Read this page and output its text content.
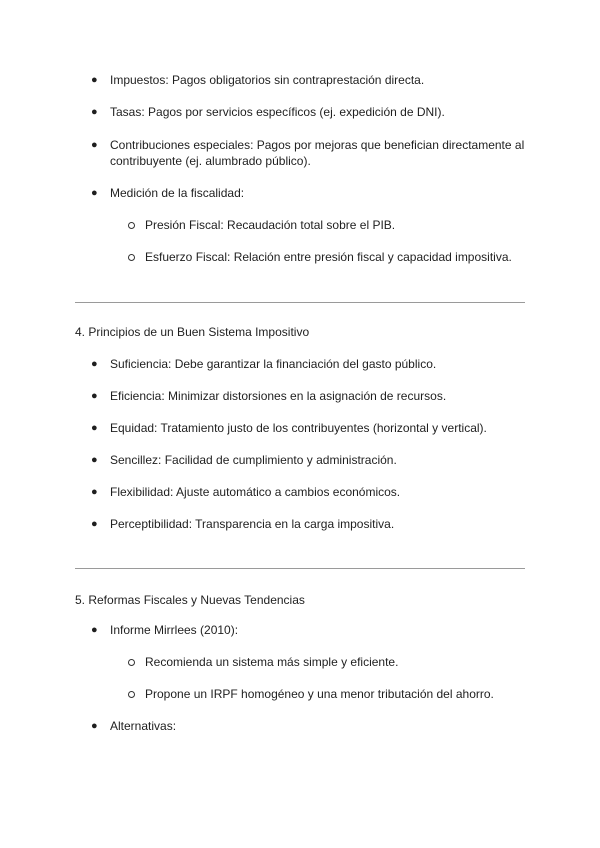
● Impuestos: Pagos obligatorios sin contraprestación directa.
● Tasas: Pagos por servicios específicos (ej. expedición de DNI).
● Contribuciones especiales: Pagos por mejoras que benefician directamente al contribuyente (ej. alumbrado público).
● Medición de la fiscalidad:
Presión Fiscal: Recaudación total sobre el PIB.
Esfuerzo Fiscal: Relación entre presión fiscal y capacidad impositiva.
4. Principios de un Buen Sistema Impositivo
● Suficiencia: Debe garantizar la financiación del gasto público.
● Eficiencia: Minimizar distorsiones en la asignación de recursos.
● Equidad: Tratamiento justo de los contribuyentes (horizontal y vertical).
● Sencillez: Facilidad de cumplimiento y administración.
● Flexibilidad: Ajuste automático a cambios económicos.
● Perceptibilidad: Transparencia en la carga impositiva.
5. Reformas Fiscales y Nuevas Tendencias
● Informe Mirrlees (2010):
Recomienda un sistema más simple y eficiente.
Propone un IRPF homogéneo y una menor tributación del ahorro.
● Alternativas:
